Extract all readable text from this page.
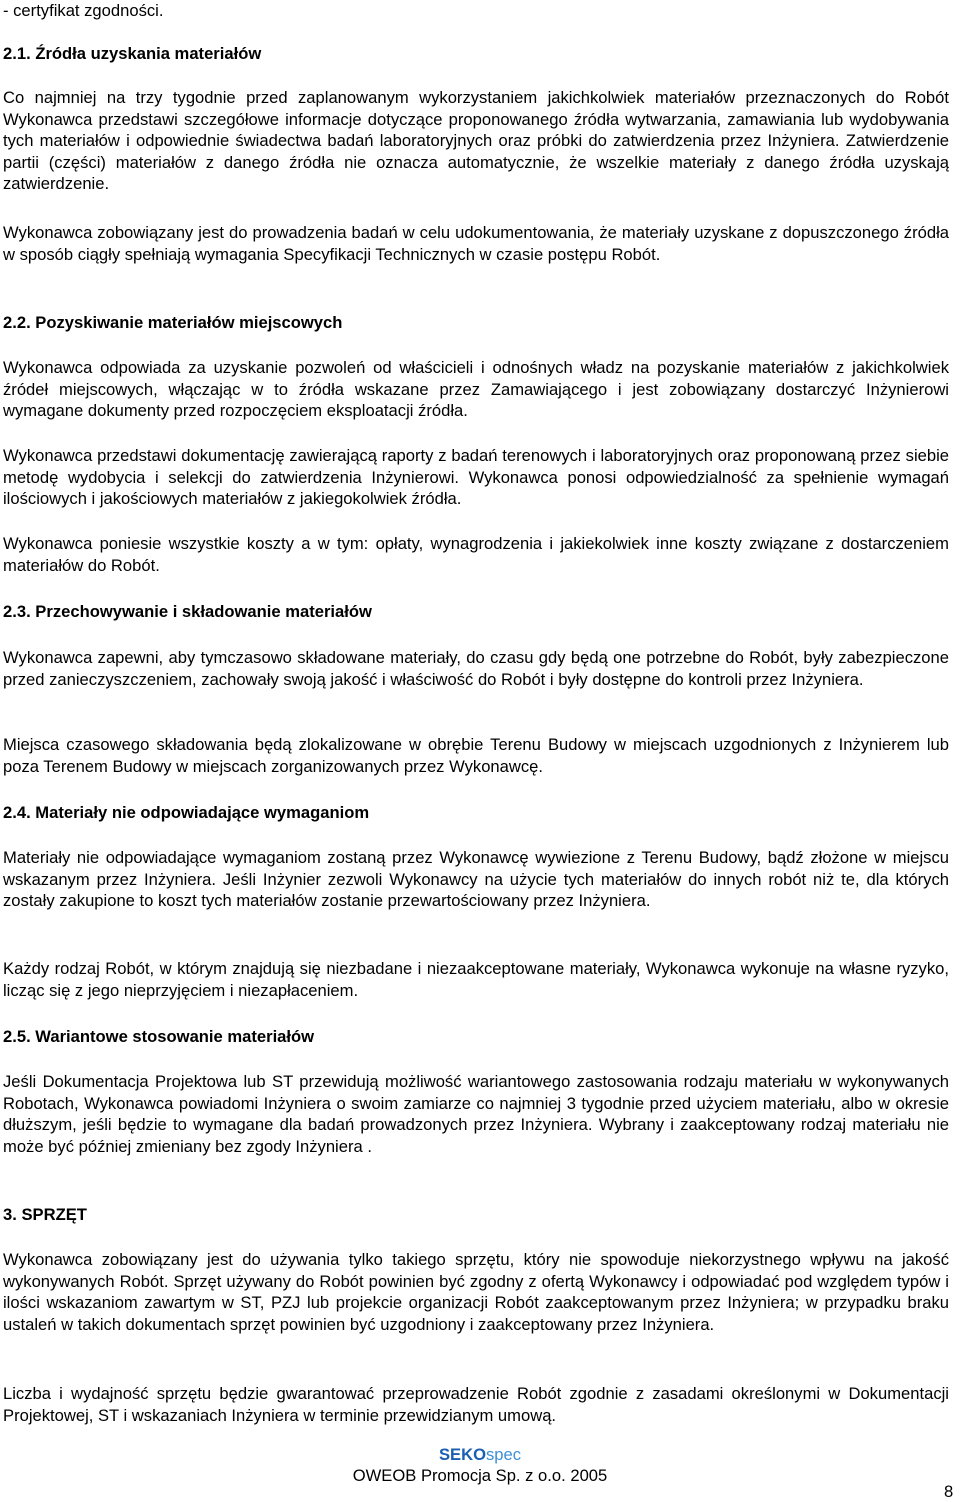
- certyfikat zgodności.

2.1. Źródła uzyskania materiałów

Co najmniej na trzy tygodnie przed zaplanowanym wykorzystaniem jakichkolwiek materiałów przeznaczonych do Robót Wykonawca przedstawi szczegółowe informacje dotyczące proponowanego źródła wytwarzania, zamawiania lub wydobywania tych materiałów i odpowiednie świadectwa badań laboratoryjnych oraz próbki do zatwierdzenia przez Inżyniera. Zatwierdzenie partii (części) materiałów z danego źródła nie oznacza automatycznie, że wszelkie materiały z danego źródła uzyskają zatwierdzenie.

Wykonawca zobowiązany jest do prowadzenia badań w celu udokumentowania, że materiały uzyskane z dopuszczonego źródła w sposób ciągły spełniają wymagania Specyfikacji Technicznych w czasie postępu Robót.

2.2. Pozyskiwanie materiałów miejscowych

Wykonawca odpowiada za uzyskanie pozwoleń od właścicieli i odnośnych władz na pozyskanie materiałów z jakichkolwiek źródeł miejscowych, włączając w to źródła wskazane przez Zamawiającego i jest zobowiązany dostarczyć Inżynierowi wymagane dokumenty przed rozpoczęciem eksploatacji źródła.

Wykonawca przedstawi dokumentację zawierającą raporty z badań terenowych i laboratoryjnych oraz proponowaną przez siebie metodę wydobycia i selekcji do zatwierdzenia Inżynierowi. Wykonawca ponosi odpowiedzialność za spełnienie wymagań ilościowych i jakościowych materiałów z jakiegokolwiek źródła.

Wykonawca poniesie wszystkie koszty a w tym: opłaty, wynagrodzenia i jakiekolwiek inne koszty związane z dostarczeniem materiałów do Robót.

2.3. Przechowywanie i składowanie materiałów

Wykonawca zapewni, aby tymczasowo składowane materiały, do czasu gdy będą one potrzebne do Robót, były zabezpieczone przed zanieczyszczeniem, zachowały swoją jakość i właściwość do Robót i były dostępne do kontroli przez Inżyniera.

Miejsca czasowego składowania będą zlokalizowane w obrębie Terenu Budowy w miejscach uzgodnionych z Inżynierem lub poza Terenem Budowy w miejscach zorganizowanych przez Wykonawcę.

2.4. Materiały nie odpowiadające wymaganiom

Materiały nie odpowiadające wymaganiom zostaną przez Wykonawcę wywiezione z Terenu Budowy, bądź złożone w miejscu wskazanym przez Inżyniera. Jeśli Inżynier zezwoli Wykonawcy na użycie tych materiałów do innych robót niż te, dla których zostały zakupione to koszt tych materiałów zostanie przewartościowany przez Inżyniera.

Każdy rodzaj Robót, w którym znajdują się niezbadane i niezaakceptowane materiały, Wykonawca wykonuje na własne ryzyko, licząc się z jego nieprzyjęciem i niezapłaceniem.

2.5. Wariantowe stosowanie materiałów

Jeśli Dokumentacja Projektowa lub ST przewidują możliwość wariantowego zastosowania rodzaju materiału w wykonywanych Robotach, Wykonawca powiadomi Inżyniera o swoim zamiarze co najmniej 3 tygodnie przed użyciem materiału, albo w okresie dłuższym, jeśli będzie to wymagane dla badań prowadzonych przez Inżyniera. Wybrany i zaakceptowany rodzaj materiału nie może być później zmieniany bez zgody Inżyniera .

3. SPRZĘT

Wykonawca zobowiązany jest do używania tylko takiego sprzętu, który nie spowoduje niekorzystnego wpływu na jakość wykonywanych Robót. Sprzęt używany do Robót powinien być zgodny z ofertą Wykonawcy i odpowiadać pod względem typów i ilości wskazaniom zawartym w ST, PZJ lub projekcie organizacji Robót zaakceptowanym przez Inżyniera; w przypadku braku ustaleń w takich dokumentach sprzęt powinien być uzgodniony i zaakceptowany przez Inżyniera.

Liczba i wydajność sprzętu będzie gwarantować przeprowadzenie Robót zgodnie z zasadami określonymi w Dokumentacji Projektowej, ST i wskazaniach Inżyniera w terminie przewidzianym umową.

SEKOspec
OWEOB Promocja Sp. z o.o. 2005
8
